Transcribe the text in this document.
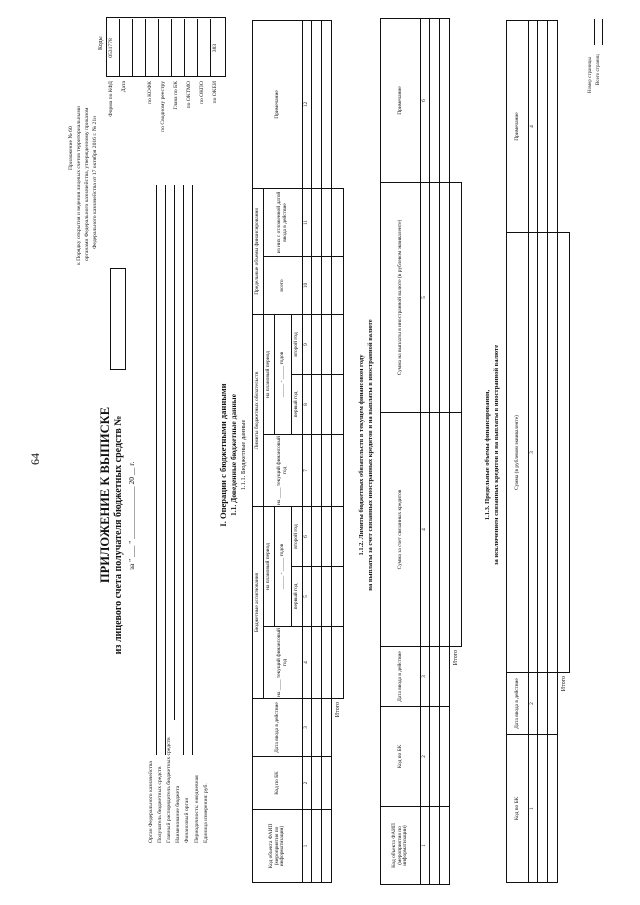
64
Приложение № 60 к Порядку открытия и ведения лицевых счетов территориальными органами Федерального казначейства, утвержденному приказом Федерального казначейства от 17 октября 2016 г. № 21н
ПРИЛОЖЕНИЕ К ВЫПИСКЕ из лицевого счета получателя бюджетных средств № за " ___ " ______________ 20 __ г.
Коды
Форма по КФД
0531778
Дата	по КОФК по Сводному реестру Глава по БК по ОКТМО по ОКПО по ОКЕИ
383
Орган Федерального казначейства Получатель бюджетных средств Главный распорядитель бюджетных средств Наименование бюджета Финансовый орган Периодичность: ежедневная Единица измерения: руб.
I. Операции с бюджетными данными 1.1. Доведенные бюджетные данные 1.1.1. Бюджетные данные
Код объекта ФАИП (мероприятия по информатизации)	Код по БК	Дата ввода в действие	Бюджетные ассигнования			Лимиты бюджетных обязательств			Предельные объемы финансирования		Примечание
			на ____ текущий финансовый год	на плановый период		на ____ текущий финансовый год	на плановый период		всего	из них с отложенной датой ввода в действие	
				_____ - _____ годов			_____ - _____ годов				
				первый год	второй год		первый год	второй год			
1	2	3	4	5	6	7	8	9	10	11	12

Итого											
1.1.2. Лимиты бюджетных обязательств в текущем финансовом году на выплаты за счет связанных иностранных кредитов и на выплаты в иностранной валюте
Код объекта ФАИП (мероприятия по информатизации)	Код по БК	Дата ввода в действие	Сумма за счет связанных кредитов	Сумма на выплаты в иностранной валюте (в рублевом эквиваленте)	Примечание
1	2	3	4	5	6

Итого					
1.1.3. Предельные объемы финансирования, за исключением связанных кредитов и на выплаты в иностранной валюте
Код по БК	Дата ввода в действие	Сумма (в рублевом эквиваленте)	Примечание
1	2	3	4

Итого			
Номер страницы Всего страниц
